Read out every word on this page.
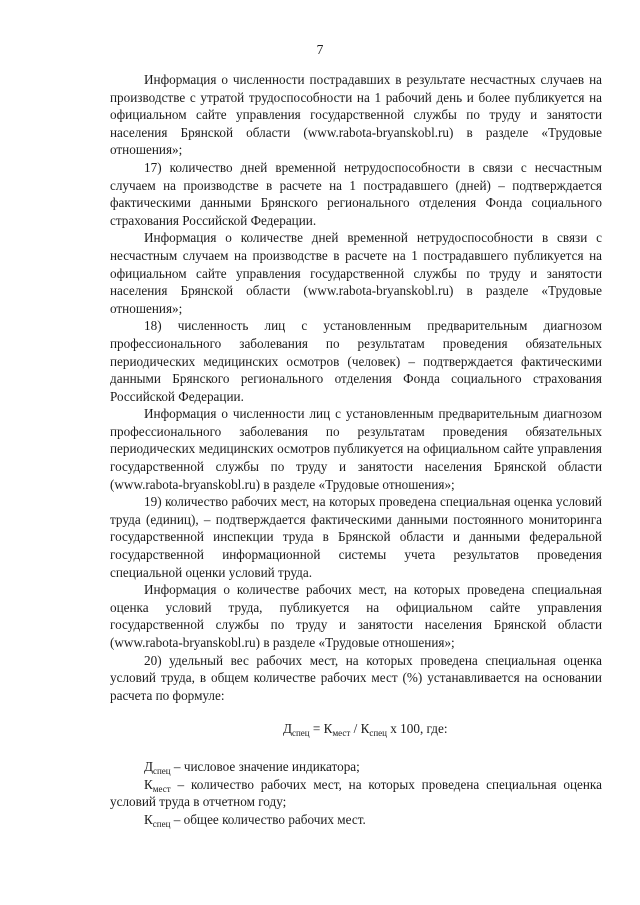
7

Информация о численности пострадавших в результате несчастных случаев на производстве с утратой трудоспособности на 1 рабочий день и более публикуется на официальном сайте управления государственной службы по труду и занятости населения Брянской области (www.rabota-bryanskobl.ru) в разделе «Трудовые отношения»;

17) количество дней временной нетрудоспособности в связи с несчастным случаем на производстве в расчете на 1 пострадавшего (дней) – подтверждается фактическими данными Брянского регионального отделения Фонда социального страхования Российской Федерации.

Информация о количестве дней временной нетрудоспособности в связи с несчастным случаем на производстве в расчете на 1 пострадавшего публикуется на официальном сайте управления государственной службы по труду и занятости населения Брянской области (www.rabota-bryanskobl.ru) в разделе «Трудовые отношения»;

18) численность лиц с установленным предварительным диагнозом профессионального заболевания по результатам проведения обязательных периодических медицинских осмотров (человек) – подтверждается фактическими данными Брянского регионального отделения Фонда социального страхования Российской Федерации.

Информация о численности лиц с установленным предварительным диагнозом профессионального заболевания по результатам проведения обязательных периодических медицинских осмотров публикуется на официальном сайте управления государственной службы по труду и занятости населения Брянской области (www.rabota-bryanskobl.ru) в разделе «Трудовые отношения»;

19) количество рабочих мест, на которых проведена специальная оценка условий труда (единиц), – подтверждается фактическими данными постоянного мониторинга государственной инспекции труда в Брянской области и данными федеральной государственной информационной системы учета результатов проведения специальной оценки условий труда.

Информация о количестве рабочих мест, на которых проведена специальная оценка условий труда, публикуется на официальном сайте управления государственной службы по труду и занятости населения Брянской области (www.rabota-bryanskobl.ru) в разделе «Трудовые отношения»;

20) удельный вес рабочих мест, на которых проведена специальная оценка условий труда, в общем количестве рабочих мест (%) устанавливается на основании расчета по формуле:

$Д_{спец} = К_{мест} / К_{спец}$ х 100, где:

$Д_{спец}$ – числовое значение индикатора;

$К_{мест}$ – количество рабочих мест, на которых проведена специальная оценка условий труда в отчетном году;

$К_{спец}$ – общее количество рабочих мест.
